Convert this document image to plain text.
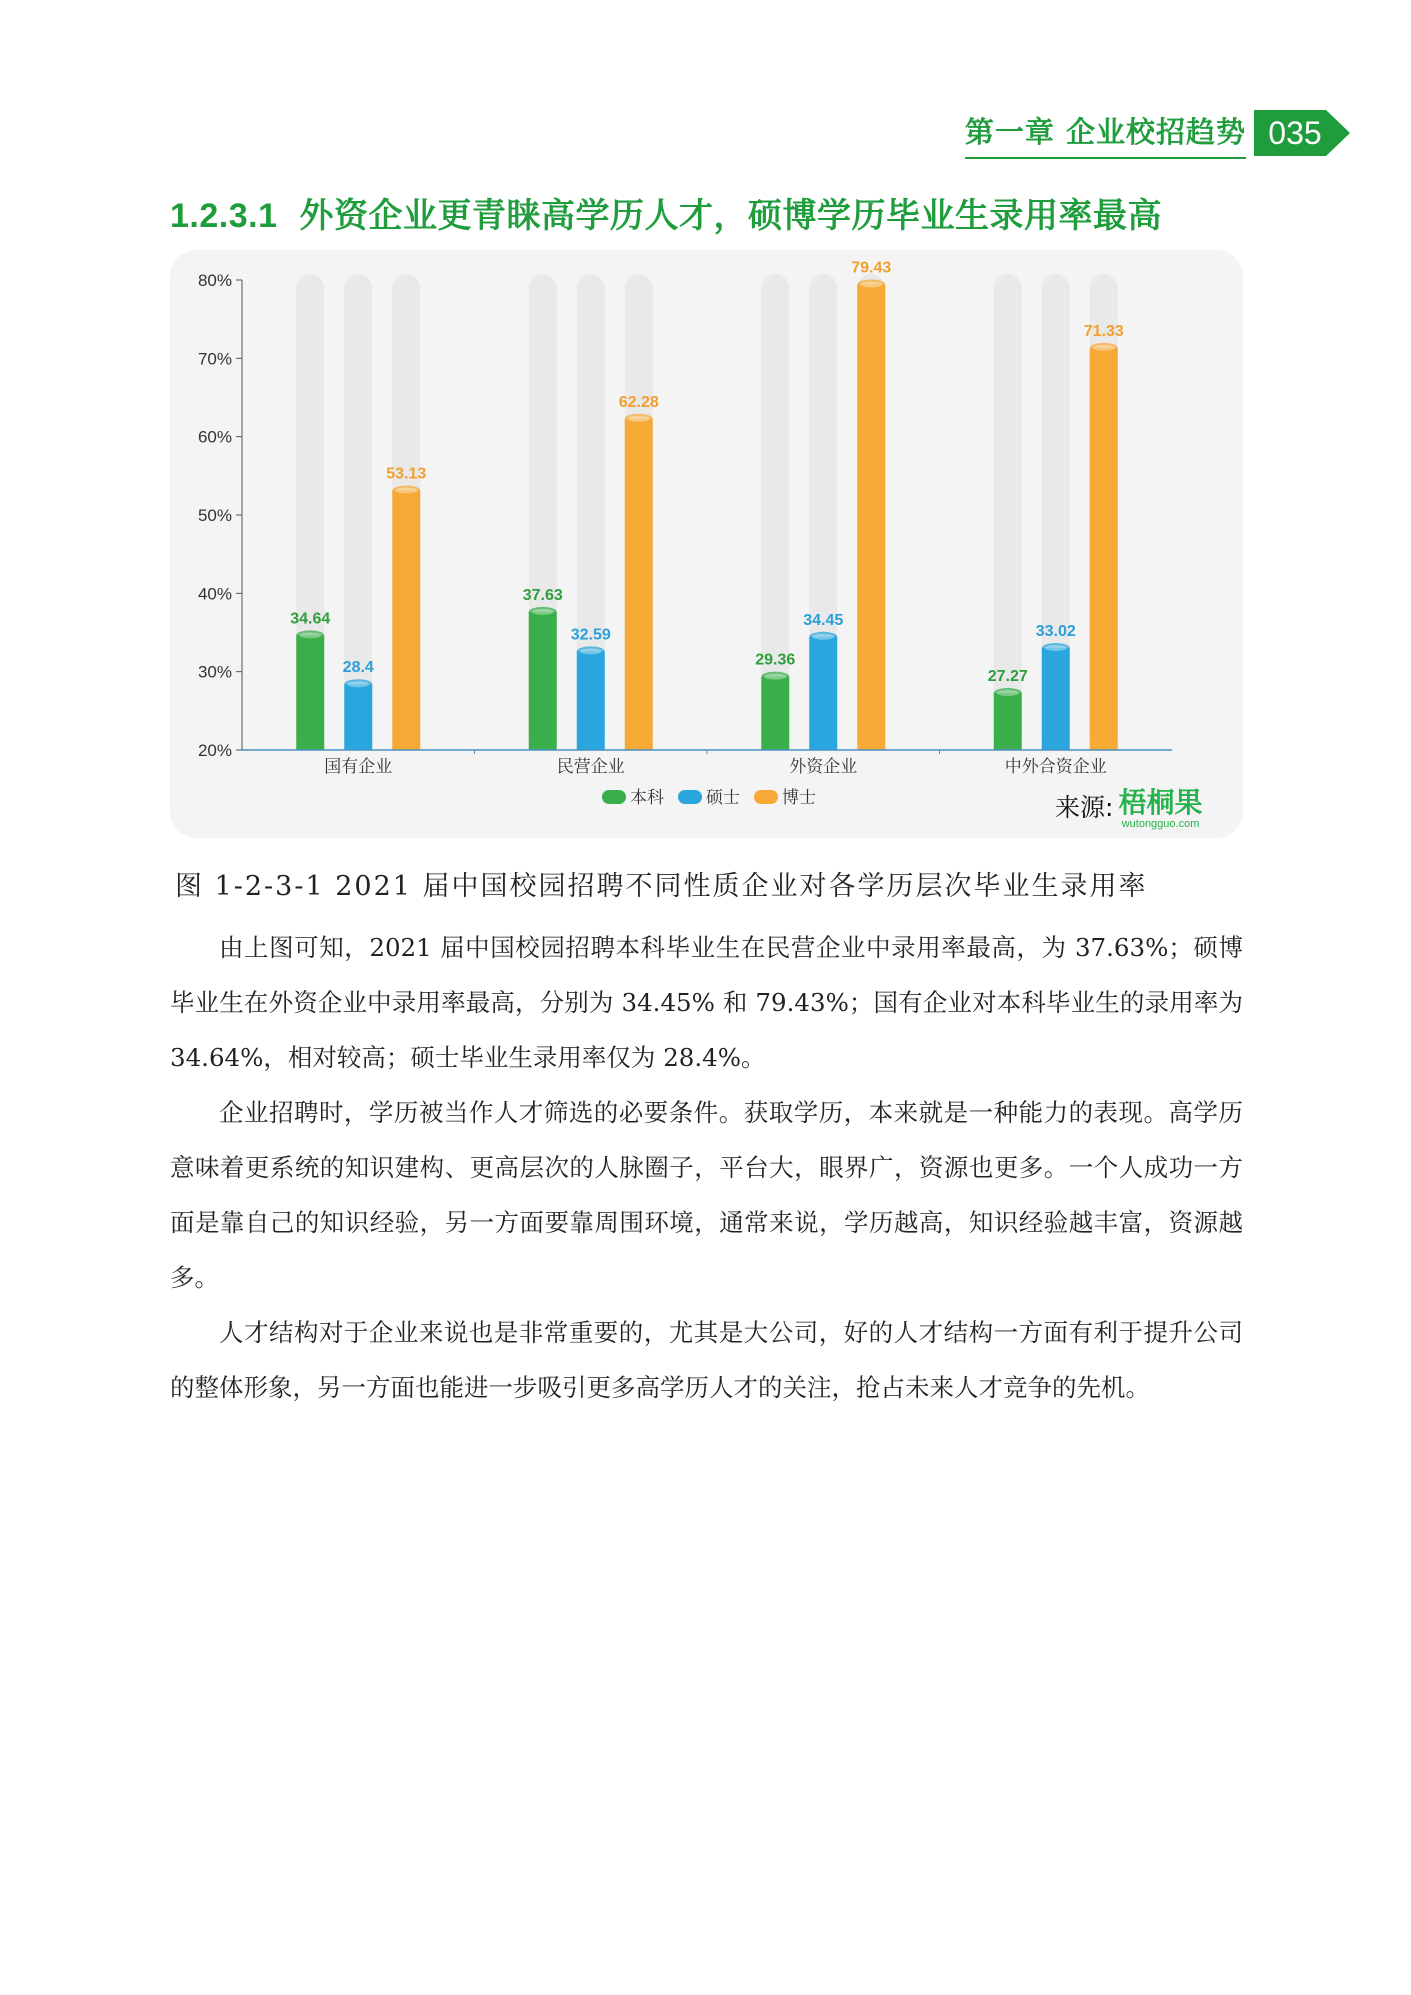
第一章 企业校招趋势 035
1.2.3.1 外资企业更青睐高学历人才，硕博学历毕业生录用率最高
20%
30%
40%
50%
60%
70%
80%
34.64
28.4
53.13
国有企业
37.63
32.59
62.28
民营企业
29.36
34.45
79.43
外资企业
27.27
33.02
71.33
中外合资企业
本科 硕士 博士	来源: 梧桐果
wutongguo.com
图 1-2-3-1 2021 届中国校园招聘不同性质企业对各学历层次毕业生录用率

由上图可知，2021 届中国校园招聘本科毕业生在民营企业中录用率最高，为 37.63%；硕博毕业生在外资企业中录用率最高，分别为 34.45% 和 79.43%；国有企业对本科毕业生的录用率为 34.64%，相对较高；硕士毕业生录用率仅为 28.4%。

企业招聘时，学历被当作人才筛选的必要条件。获取学历，本来就是一种能力的表现。高学历意味着更系统的知识建构、更高层次的人脉圈子，平台大，眼界广，资源也更多。一个人成功一方面是靠自己的知识经验，另一方面要靠周围环境，通常来说，学历越高，知识经验越丰富，资源越多。

人才结构对于企业来说也是非常重要的，尤其是大公司，好的人才结构一方面有利于提升公司的整体形象，另一方面也能进一步吸引更多高学历人才的关注，抢占未来人才竞争的先机。
